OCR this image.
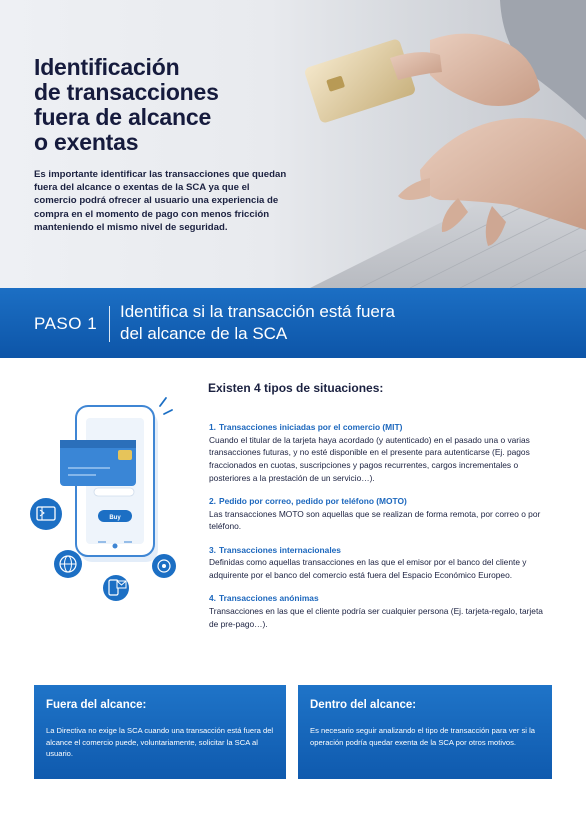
Identificación
de transacciones
fuera de alcance
o exentas

Es importante identificar las transacciones que quedan fuera del alcance o exentas de la SCA ya que el comercio podrá ofrecer al usuario una experiencia de compra en el momento de pago con menos fricción manteniendo el mismo nivel de seguridad.

PASO 1
Identifica si la transacción está fuera
del alcance de la SCA
Buy
Existen 4 tipos de situaciones:
1. Transacciones iniciadas por el comercio (MIT)
Cuando el titular de la tarjeta haya acordado (y autenticado) en el pasado una o varias transacciones futuras, y no esté disponible en el presente para autenticarse (Ej. pagos fraccionados en cuotas, suscripciones y pagos recurrentes, cargos incrementales o posteriores a la prestación de un servicio…).
2. Pedido por correo, pedido por teléfono (MOTO)
Las transacciones MOTO son aquellas que se realizan de forma remota, por correo o por teléfono.
3. Transacciones internacionales
Definidas como aquellas transacciones en las que el emisor por el banco del cliente y adquirente por el banco del comercio está fuera del Espacio Económico Europeo.
4. Transacciones anónimas
Transacciones en las que el cliente podría ser cualquier persona (Ej. tarjeta-regalo, tarjeta de pre-pago…).
Fuera del alcance:

La Directiva no exige la SCA cuando una transacción está fuera del alcance el comercio puede, voluntariamente, solicitar la SCA al usuario.

Dentro del alcance:

Es necesario seguir analizando el tipo de transacción para ver si la operación podría quedar exenta de la SCA por otros motivos.
